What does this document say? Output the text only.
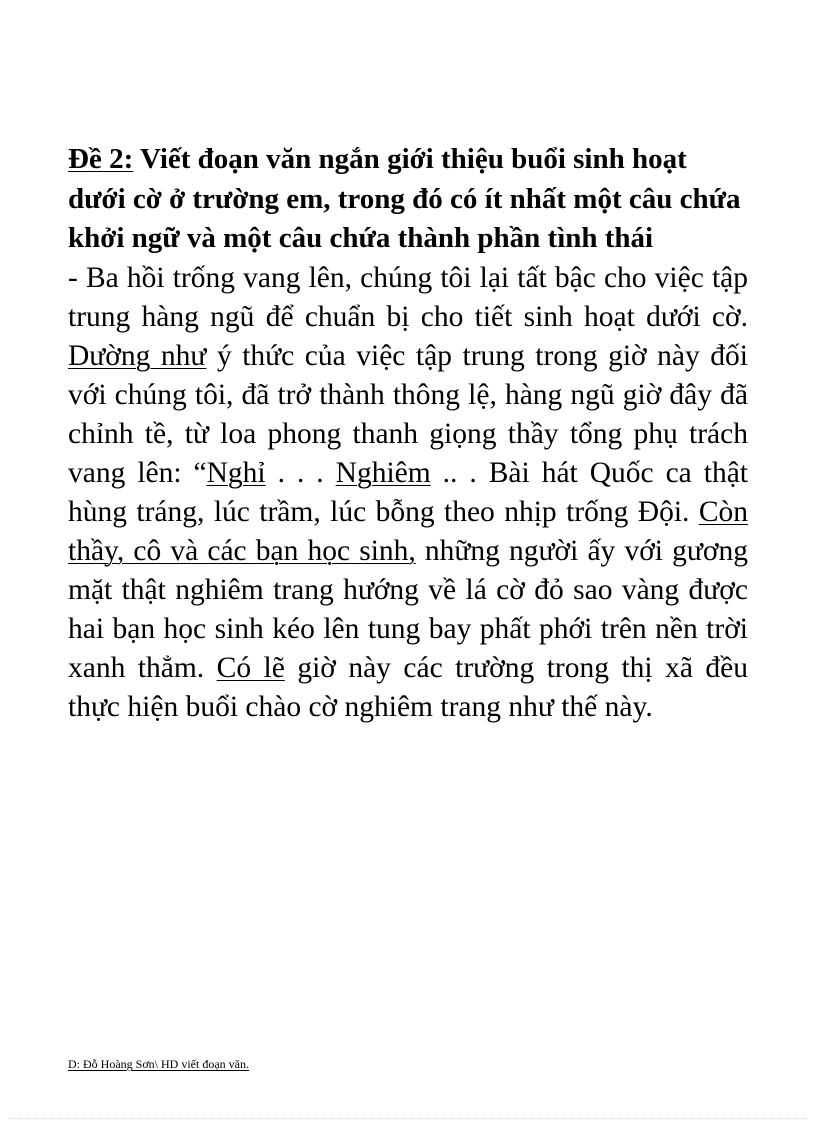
Đề 2: Viết đoạn văn ngắn giới thiệu buổi sinh hoạt dưới cờ ở trường em, trong đó có ít nhất một câu chứa khởi ngữ và một câu chứa thành phần tình thái

- Ba hồi trống vang lên, chúng tôi lại tất bậc cho việc tập trung hàng ngũ để chuẩn bị cho tiết sinh hoạt dưới cờ. Dường như ý thức của việc tập trung trong giờ này đối với chúng tôi, đã trở thành thông lệ, hàng ngũ giờ đây đã chỉnh tề, từ loa phong thanh giọng thầy tổng phụ trách vang lên: “Nghỉ . . . Nghiêm .. . Bài hát Quốc ca thật hùng tráng, lúc trầm, lúc bỗng theo nhịp trống Đội. Còn thầy, cô và các bạn học sinh, những người ấy với gương mặt thật nghiêm trang hướng về lá cờ đỏ sao vàng được hai bạn học sinh kéo lên tung bay phất phới trên nền trời xanh thẳm. Có lẽ giờ này các trường trong thị xã đều thực hiện buổi chào cờ nghiêm trang như thế này.

D: Đỗ Hoàng Sơn\ HD viết đoạn văn.
